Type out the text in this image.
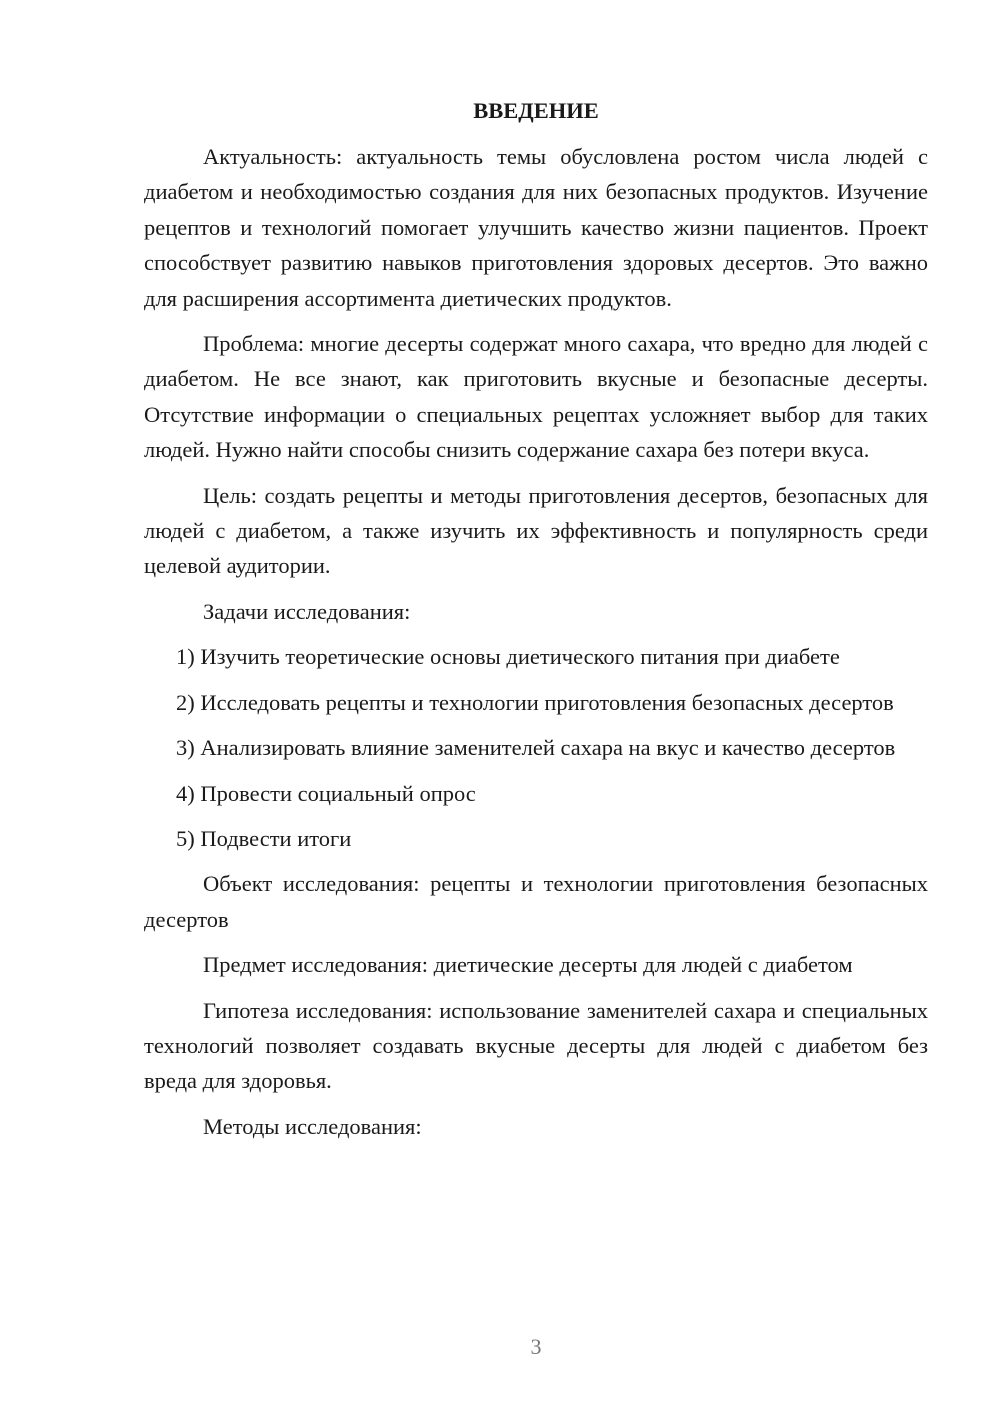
ВВЕДЕНИЕ

Актуальность: актуальность темы обусловлена ростом числа людей с диабетом и необходимостью создания для них безопасных продуктов. Изучение рецептов и технологий помогает улучшить качество жизни пациентов. Проект способствует развитию навыков приготовления здоровых десертов. Это важно для расширения ассортимента диетических продуктов.

Проблема: многие десерты содержат много сахара, что вредно для людей с диабетом. Не все знают, как приготовить вкусные и безопасные десерты. Отсутствие информации о специальных рецептах усложняет выбор для таких людей. Нужно найти способы снизить содержание сахара без потери вкуса.

Цель: создать рецепты и методы приготовления десертов, безопасных для людей с диабетом, а также изучить их эффективность и популярность среди целевой аудитории.

Задачи исследования:

1) Изучить теоретические основы диетического питания при диабете

2) Исследовать рецепты и технологии приготовления безопасных десертов

3) Анализировать влияние заменителей сахара на вкус и качество десертов

4) Провести социальный опрос

5) Подвести итоги

Объект исследования: рецепты и технологии приготовления безопасных десертов

Предмет исследования: диетические десерты для людей с диабетом

Гипотеза исследования: использование заменителей сахара и специальных технологий позволяет создавать вкусные десерты для людей с диабетом без вреда для здоровья.

Методы исследования:

3
